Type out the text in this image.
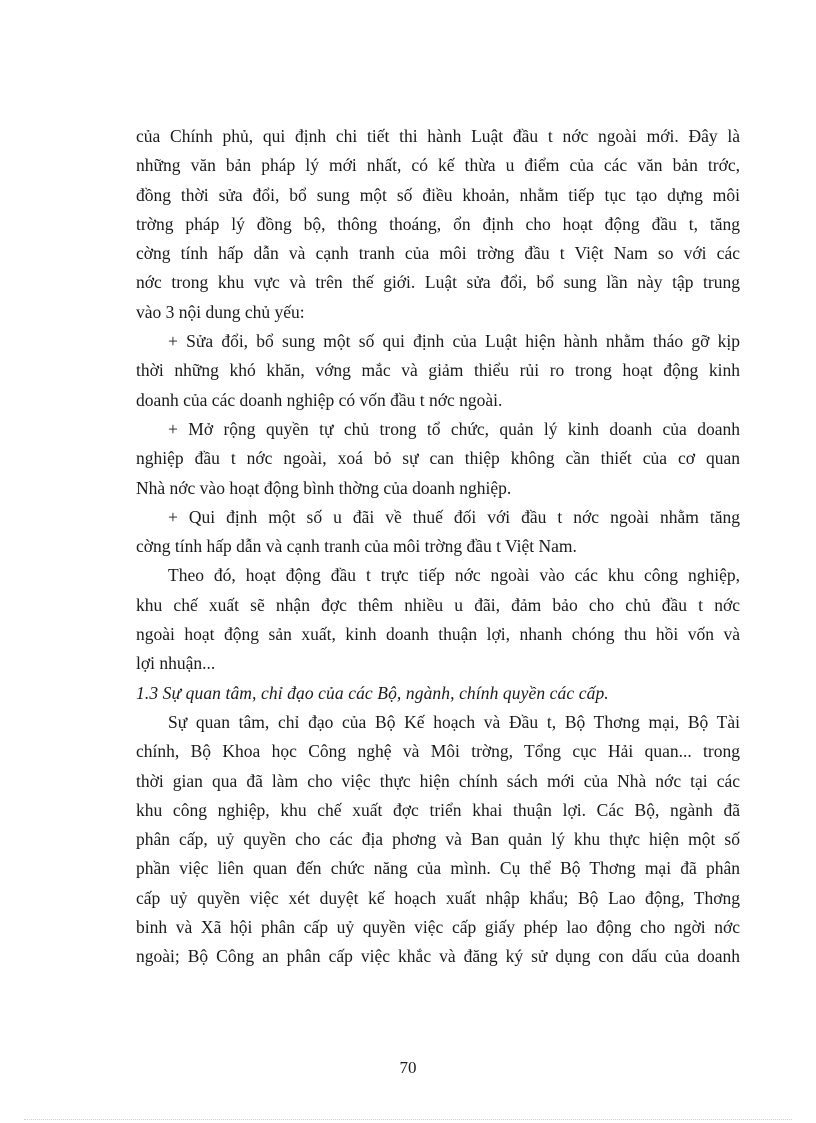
của Chính phủ, qui định chi tiết thi hành Luật đầu t nớc ngoài mới. Đây là
những văn bản pháp lý mới nhất, có kế thừa u điểm của các văn bản trớc,
đồng thời sửa đổi, bổ sung một số điều khoản, nhằm tiếp tục tạo dựng môi
trờng pháp lý đồng bộ, thông thoáng, ổn định cho hoạt động đầu t, tăng
cờng tính hấp dẫn và cạnh tranh của môi trờng đầu t Việt Nam so với các
nớc trong khu vực và trên thế giới. Luật sửa đổi, bổ sung lần này tập trung
vào 3 nội dung chủ yếu:
+ Sửa đổi, bổ sung một số qui định của Luật hiện hành nhằm tháo gỡ kịp
thời những khó khăn, vớng mắc và giảm thiểu rủi ro trong hoạt động kinh
doanh của các doanh nghiệp có vốn đầu t nớc ngoài.
+ Mở rộng quyền tự chủ trong tổ chức, quản lý kinh doanh của doanh
nghiệp đầu t nớc ngoài, xoá bỏ sự can thiệp không cần thiết của cơ quan
Nhà nớc vào hoạt động bình thờng của doanh nghiệp.
+ Qui định một số u đãi về thuế đối với đầu t nớc ngoài nhằm tăng
cờng tính hấp dẫn và cạnh tranh của môi trờng đầu t Việt Nam.
Theo đó, hoạt động đầu t trực tiếp nớc ngoài vào các khu công nghiệp,
khu chế xuất sẽ nhận đợc thêm nhiều u đãi, đảm bảo cho chủ đầu t nớc
ngoài hoạt động sản xuất, kinh doanh thuận lợi, nhanh chóng thu hồi vốn và
lợi nhuận...
1.3 Sự quan tâm, chỉ đạo của các Bộ, ngành, chính quyền các cấp.
Sự quan tâm, chỉ đạo của Bộ Kế hoạch và Đầu t, Bộ Thơng mại, Bộ Tài
chính, Bộ Khoa học Công nghệ và Môi trờng, Tổng cục Hải quan... trong
thời gian qua đã làm cho việc thực hiện chính sách mới của Nhà nớc tại các
khu công nghiệp, khu chế xuất đợc triển khai thuận lợi. Các Bộ, ngành đã
phân cấp, uỷ quyền cho các địa phơng và Ban quản lý khu thực hiện một số
phần việc liên quan đến chức năng của mình. Cụ thể Bộ Thơng mại đã phân
cấp uỷ quyền việc xét duyệt kế hoạch xuất nhập khẩu; Bộ Lao động, Thơng
binh và Xã hội phân cấp uỷ quyền việc cấp giấy phép lao động cho ngời nớc
ngoài; Bộ Công an phân cấp việc khắc và đăng ký sử dụng con dấu của doanh
70
